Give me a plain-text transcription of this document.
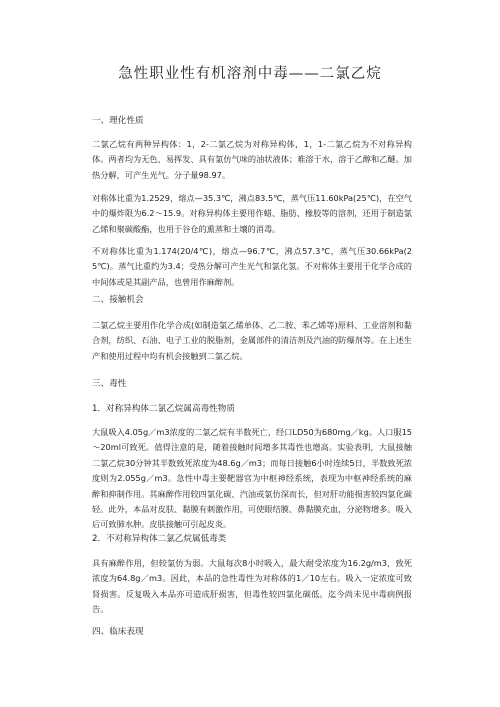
急性职业性有机溶剂中毒——二氯乙烷
一、理化性质

二氯乙烷有两种异构体：1，2-二氯乙烷为对称异构体，1，1-二氯乙烷为不对称异构体。两者均为无色、易挥发、具有氯仿气味的油状液体；难溶于水，溶于乙醇和乙醚。加热分解，可产生光气。分子量98.97。

对称体比重为1.2529，熔点—35.3℃，沸点83.5℃，蒸气压11.60kPa(25℃)，在空气中的爆炸限为6.2～15.9。对称异构体主要用作蜡、脂肪、橡胶等的溶剂，还用于制造氯乙烯和聚碳酸酯，也用于谷仓的熏蒸和土壤的消毒。

不对称体比重为1.174(20/4℃)，熔点—96.7℃，沸点57.3℃，蒸气压30.66kPa(25℃)。蒸气比重约为3.4；受热分解可产生光气和氯化氢。不对称体主要用于化学合成的中间体或是其副产品，也曾用作麻醉剂。

二、接触机会

二氯乙烷主要用作化学合成(如制造氯乙烯单体、乙二胺、苯乙烯等)原料、工业溶剂和黏合剂，纺织、石油、电子工业的脱脂剂，金属部件的清洁剂及汽油的防爆剂等。在上述生产和使用过程中均有机会接触到二氯乙烷。

三、毒性
1．对称异构体二氯乙烷属高毒性物质

大鼠吸入4.05g／m3浓度的二氯乙烷有半数死亡，经口LD50为680mg／kg。人口服15～20ml可致死。值得注意的是，随着接触时间增多其毒性也增高。实验表明，大鼠接触二氯乙烷30分钟其半数致死浓度为48.6g／m3；而每日接触6小时连续5日，半数致死浓度则为2.055g／m3。急性中毒主要靶器官为中枢神经系统，表现为中枢神经系统的麻醉和抑制作用。其麻醉作用较四氯化碳、汽油或氯仿深而长，但对肝功能损害较四氯化碳轻。此外，本品对皮肤、黏膜有刺激作用，可使眼结膜、鼻黏膜充血，分泌物增多。吸入后可致肺水肿。皮肤接触可引起皮炎。

2．不对称异构体二氯乙烷属低毒类

具有麻醉作用，但较氯仿为弱。大鼠每次8小时吸入，最大耐受浓度为16.2g/m3，致死浓度为64.8g／m3。因此，本品的急性毒性为对称体的1／10左右。吸入一定浓度可致肾损害。反复吸入本品亦可造成肝损害，但毒性较四氯化碳低。迄今尚未见中毒病例报告。

四、临床表现
